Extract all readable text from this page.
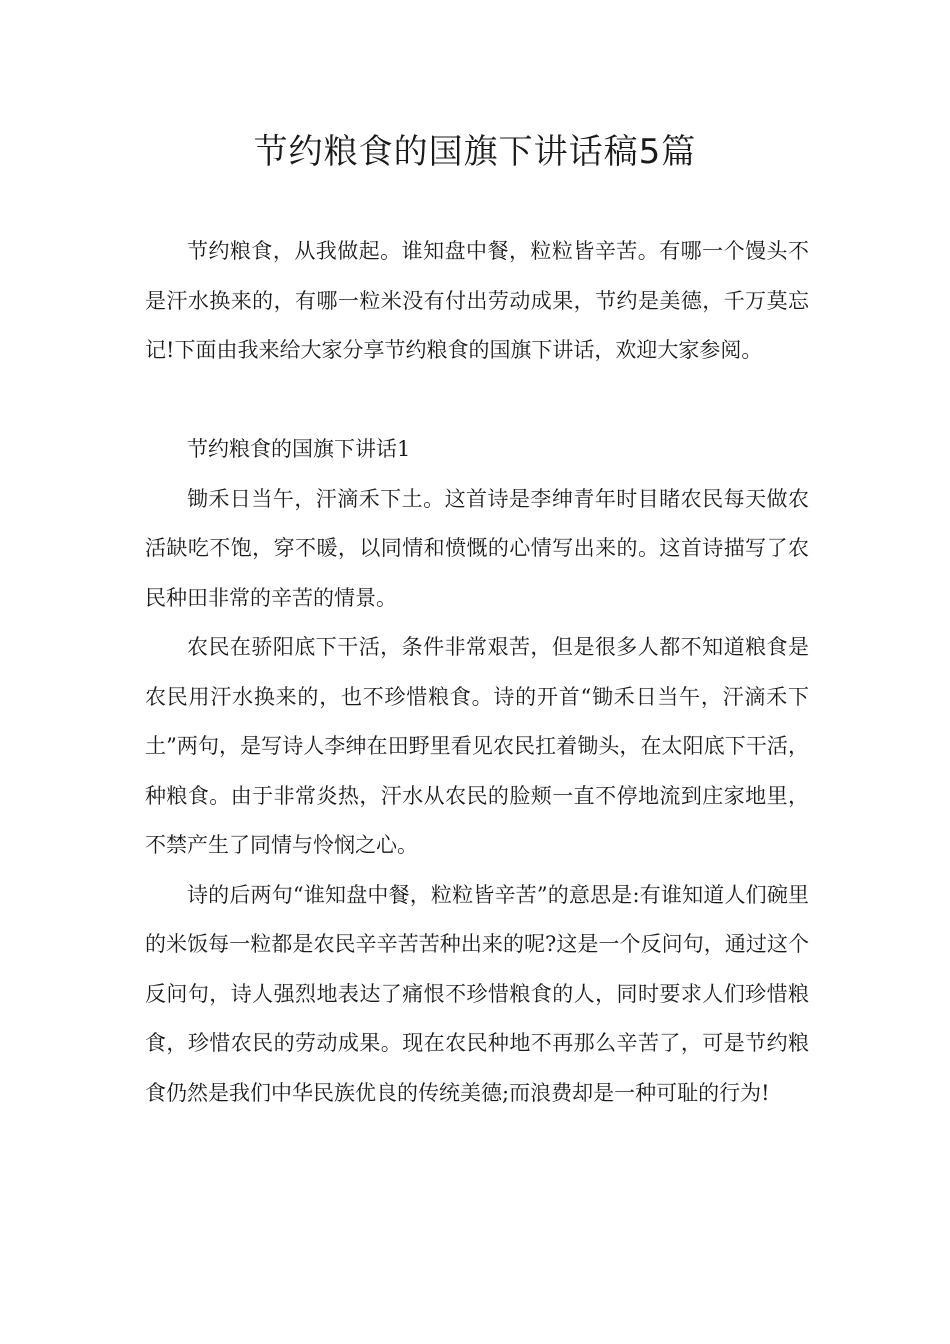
节约粮食的国旗下讲话稿5篇

节约粮食，从我做起。谁知盘中餐，粒粒皆辛苦。有哪一个馒头不是汗水换来的，有哪一粒米没有付出劳动成果，节约是美德，千万莫忘记!下面由我来给大家分享节约粮食的国旗下讲话，欢迎大家参阅。

节约粮食的国旗下讲话1

锄禾日当午，汗滴禾下土。这首诗是李绅青年时目睹农民每天做农活缺吃不饱，穿不暖，以同情和愤慨的心情写出来的。这首诗描写了农民种田非常的辛苦的情景。

农民在骄阳底下干活，条件非常艰苦，但是很多人都不知道粮食是农民用汗水换来的，也不珍惜粮食。诗的开首“锄禾日当午，汗滴禾下土”两句，是写诗人李绅在田野里看见农民扛着锄头，在太阳底下干活，种粮食。由于非常炎热，汗水从农民的脸颊一直不停地流到庄家地里，不禁产生了同情与怜悯之心。

诗的后两句“谁知盘中餐，粒粒皆辛苦”的意思是:有谁知道人们碗里的米饭每一粒都是农民辛辛苦苦种出来的呢?这是一个反问句，通过这个反问句，诗人强烈地表达了痛恨不珍惜粮食的人，同时要求人们珍惜粮食，珍惜农民的劳动成果。现在农民种地不再那么辛苦了，可是节约粮食仍然是我们中华民族优良的传统美德;而浪费却是一种可耻的行为!
